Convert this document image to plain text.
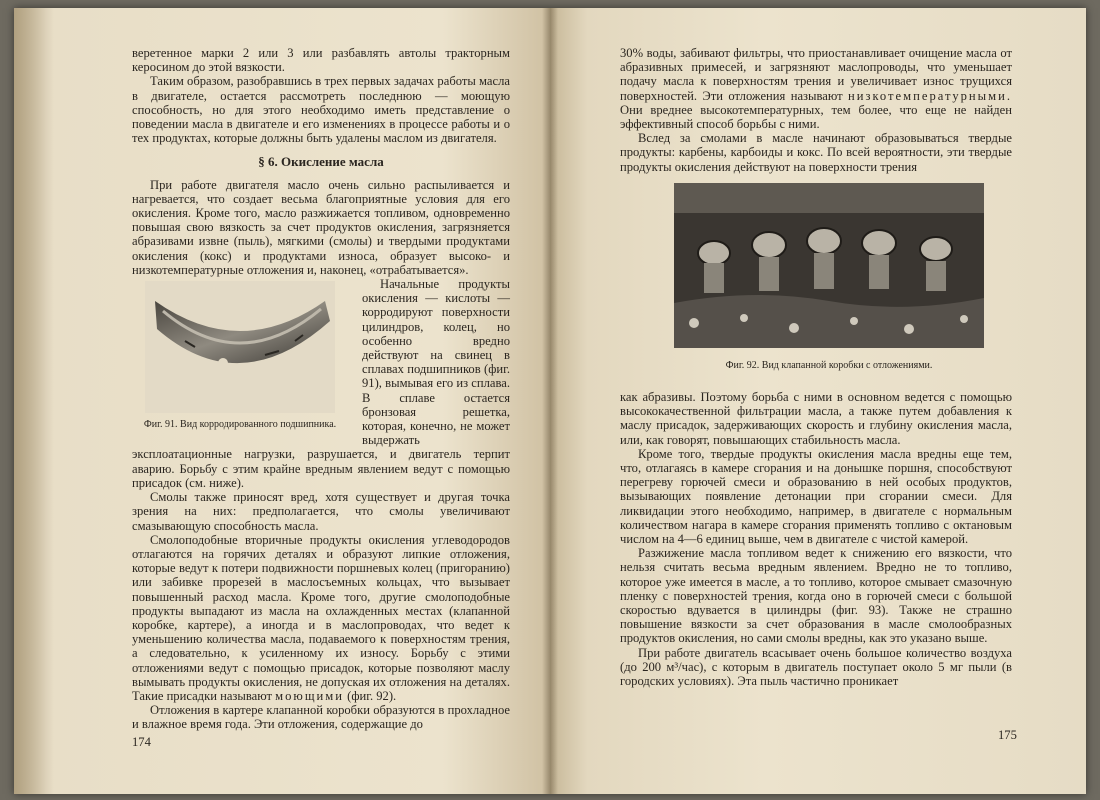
веретенное марки 2 или 3 или разбавлять автолы тракторным керосином до этой вязкости.

Таким образом, разобравшись в трех первых задачах работы масла в двигателе, остается рассмотреть последнюю — моющую способность, но для этого необходимо иметь представление о поведении масла в двигателе и его изменениях в процессе работы и о тех продуктах, которые должны быть удалены маслом из двигателя.

§ 6. Окисление масла

При работе двигателя масло очень сильно распыливается и нагревается, что создает весьма благоприятные условия для его окисления. Кроме того, масло разжижается топливом, одновременно повышая свою вязкость за счет продуктов окисления, загрязняется абразивами извне (пыль), мягкими (смолы) и твердыми продуктами окисления (кокс) и продуктами износа, образует высоко- и низкотемпературные отложения и, наконец, «отрабатывается».

Фиг. 91. Вид корродированного подшипника.

Начальные продукты окисления — кислоты — корродируют поверхности цилиндров, колец, но особенно вредно действуют на свинец в сплавах подшипников (фиг. 91), вымывая его из сплава. В сплаве остается бронзовая решетка, которая, конечно, не может выдержать эксплоатационные нагрузки, разрушается, и двигатель терпит аварию. Борьбу с этим крайне вредным явлением ведут с помощью присадок (см. ниже).

Смолы также приносят вред, хотя существует и другая точка зрения на них: предполагается, что смолы увеличивают смазывающую способность масла.

Смолоподобные вторичные продукты окисления углеводородов отлагаются на горячих деталях и образуют липкие отложения, которые ведут к потери подвижности поршневых колец (пригоранию) или забивке прорезей в маслосъемных кольцах, что вызывает повышенный расход масла. Кроме того, другие смолоподобные продукты выпадают из масла на охлажденных местах (клапанной коробке, картере), а иногда и в маслопроводах, что ведет к уменьшению количества масла, подаваемого к поверхностям трения, а следовательно, к усиленному их износу. Борьбу с этими отложениями ведут с помощью присадок, которые позволяют маслу вымывать продукты окисления, не допуская их отложения на деталях. Такие присадки называют моющими (фиг. 92).

Отложения в картере клапанной коробки образуются в прохладное и влажное время года. Эти отложения, содержащие до

174

30% воды, забивают фильтры, что приостанавливает очищение масла от абразивных примесей, и загрязняют маслопроводы, что уменьшает подачу масла к поверхностям трения и увеличивает износ трущихся поверхностей. Эти отложения называют низкотемпературными. Они вреднее высокотемпературных, тем более, что еще не найден эффективный способ борьбы с ними.

Вслед за смолами в масле начинают образовываться твердые продукты: карбены, карбоиды и кокс. По всей вероятности, эти твердые продукты окисления действуют на поверхности трения

Фиг. 92. Вид клапанной коробки с отложениями.

как абразивы. Поэтому борьба с ними в основном ведется с помощью высококачественной фильтрации масла, а также путем добавления к маслу присадок, задерживающих скорость и глубину окисления масла, или, как говорят, повышающих стабильность масла.

Кроме того, твердые продукты окисления масла вредны еще тем, что, отлагаясь в камере сгорания и на донышке поршня, способствуют перегреву горючей смеси и образованию в ней особых продуктов, вызывающих появление детонации при сгорании смеси. Для ликвидации этого необходимо, например, в двигателе с нормальным количеством нагара в камере сгорания применять топливо с октановым числом на 4—6 единиц выше, чем в двигателе с чистой камерой.

Разжижение масла топливом ведет к снижению его вязкости, что нельзя считать весьма вредным явлением. Вредно не то топливо, которое уже имеется в масле, а то топливо, которое смывает смазочную пленку с поверхностей трения, когда оно в горючей смеси с большой скоростью вдувается в цилиндры (фиг. 93). Также не страшно повышение вязкости за счет образования в масле смолообразных продуктов окисления, но сами смолы вредны, как это указано выше.

При работе двигатель всасывает очень большое количество воздуха (до 200 м³/час), с которым в двигатель поступает около 5 мг пыли (в городских условиях). Эта пыль частично проникает

175
